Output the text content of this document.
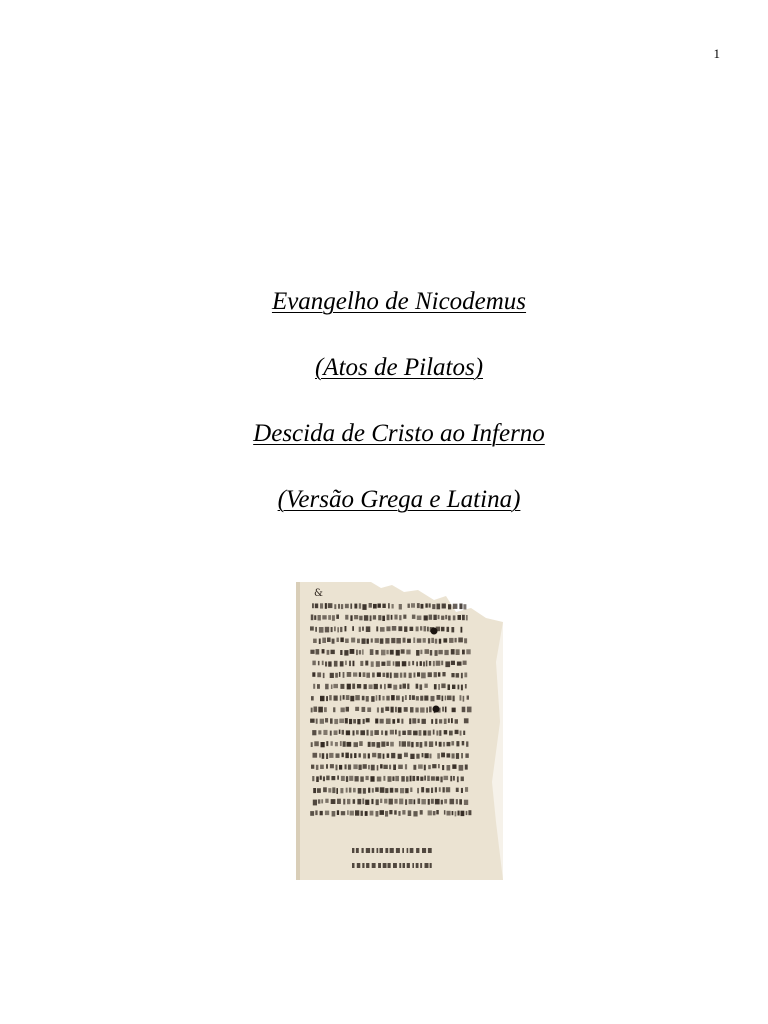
1
Evangelho de Nicodemus
(Atos de Pilatos)
Descida de Cristo ao Inferno
(Versão Grega e Latina)
&
